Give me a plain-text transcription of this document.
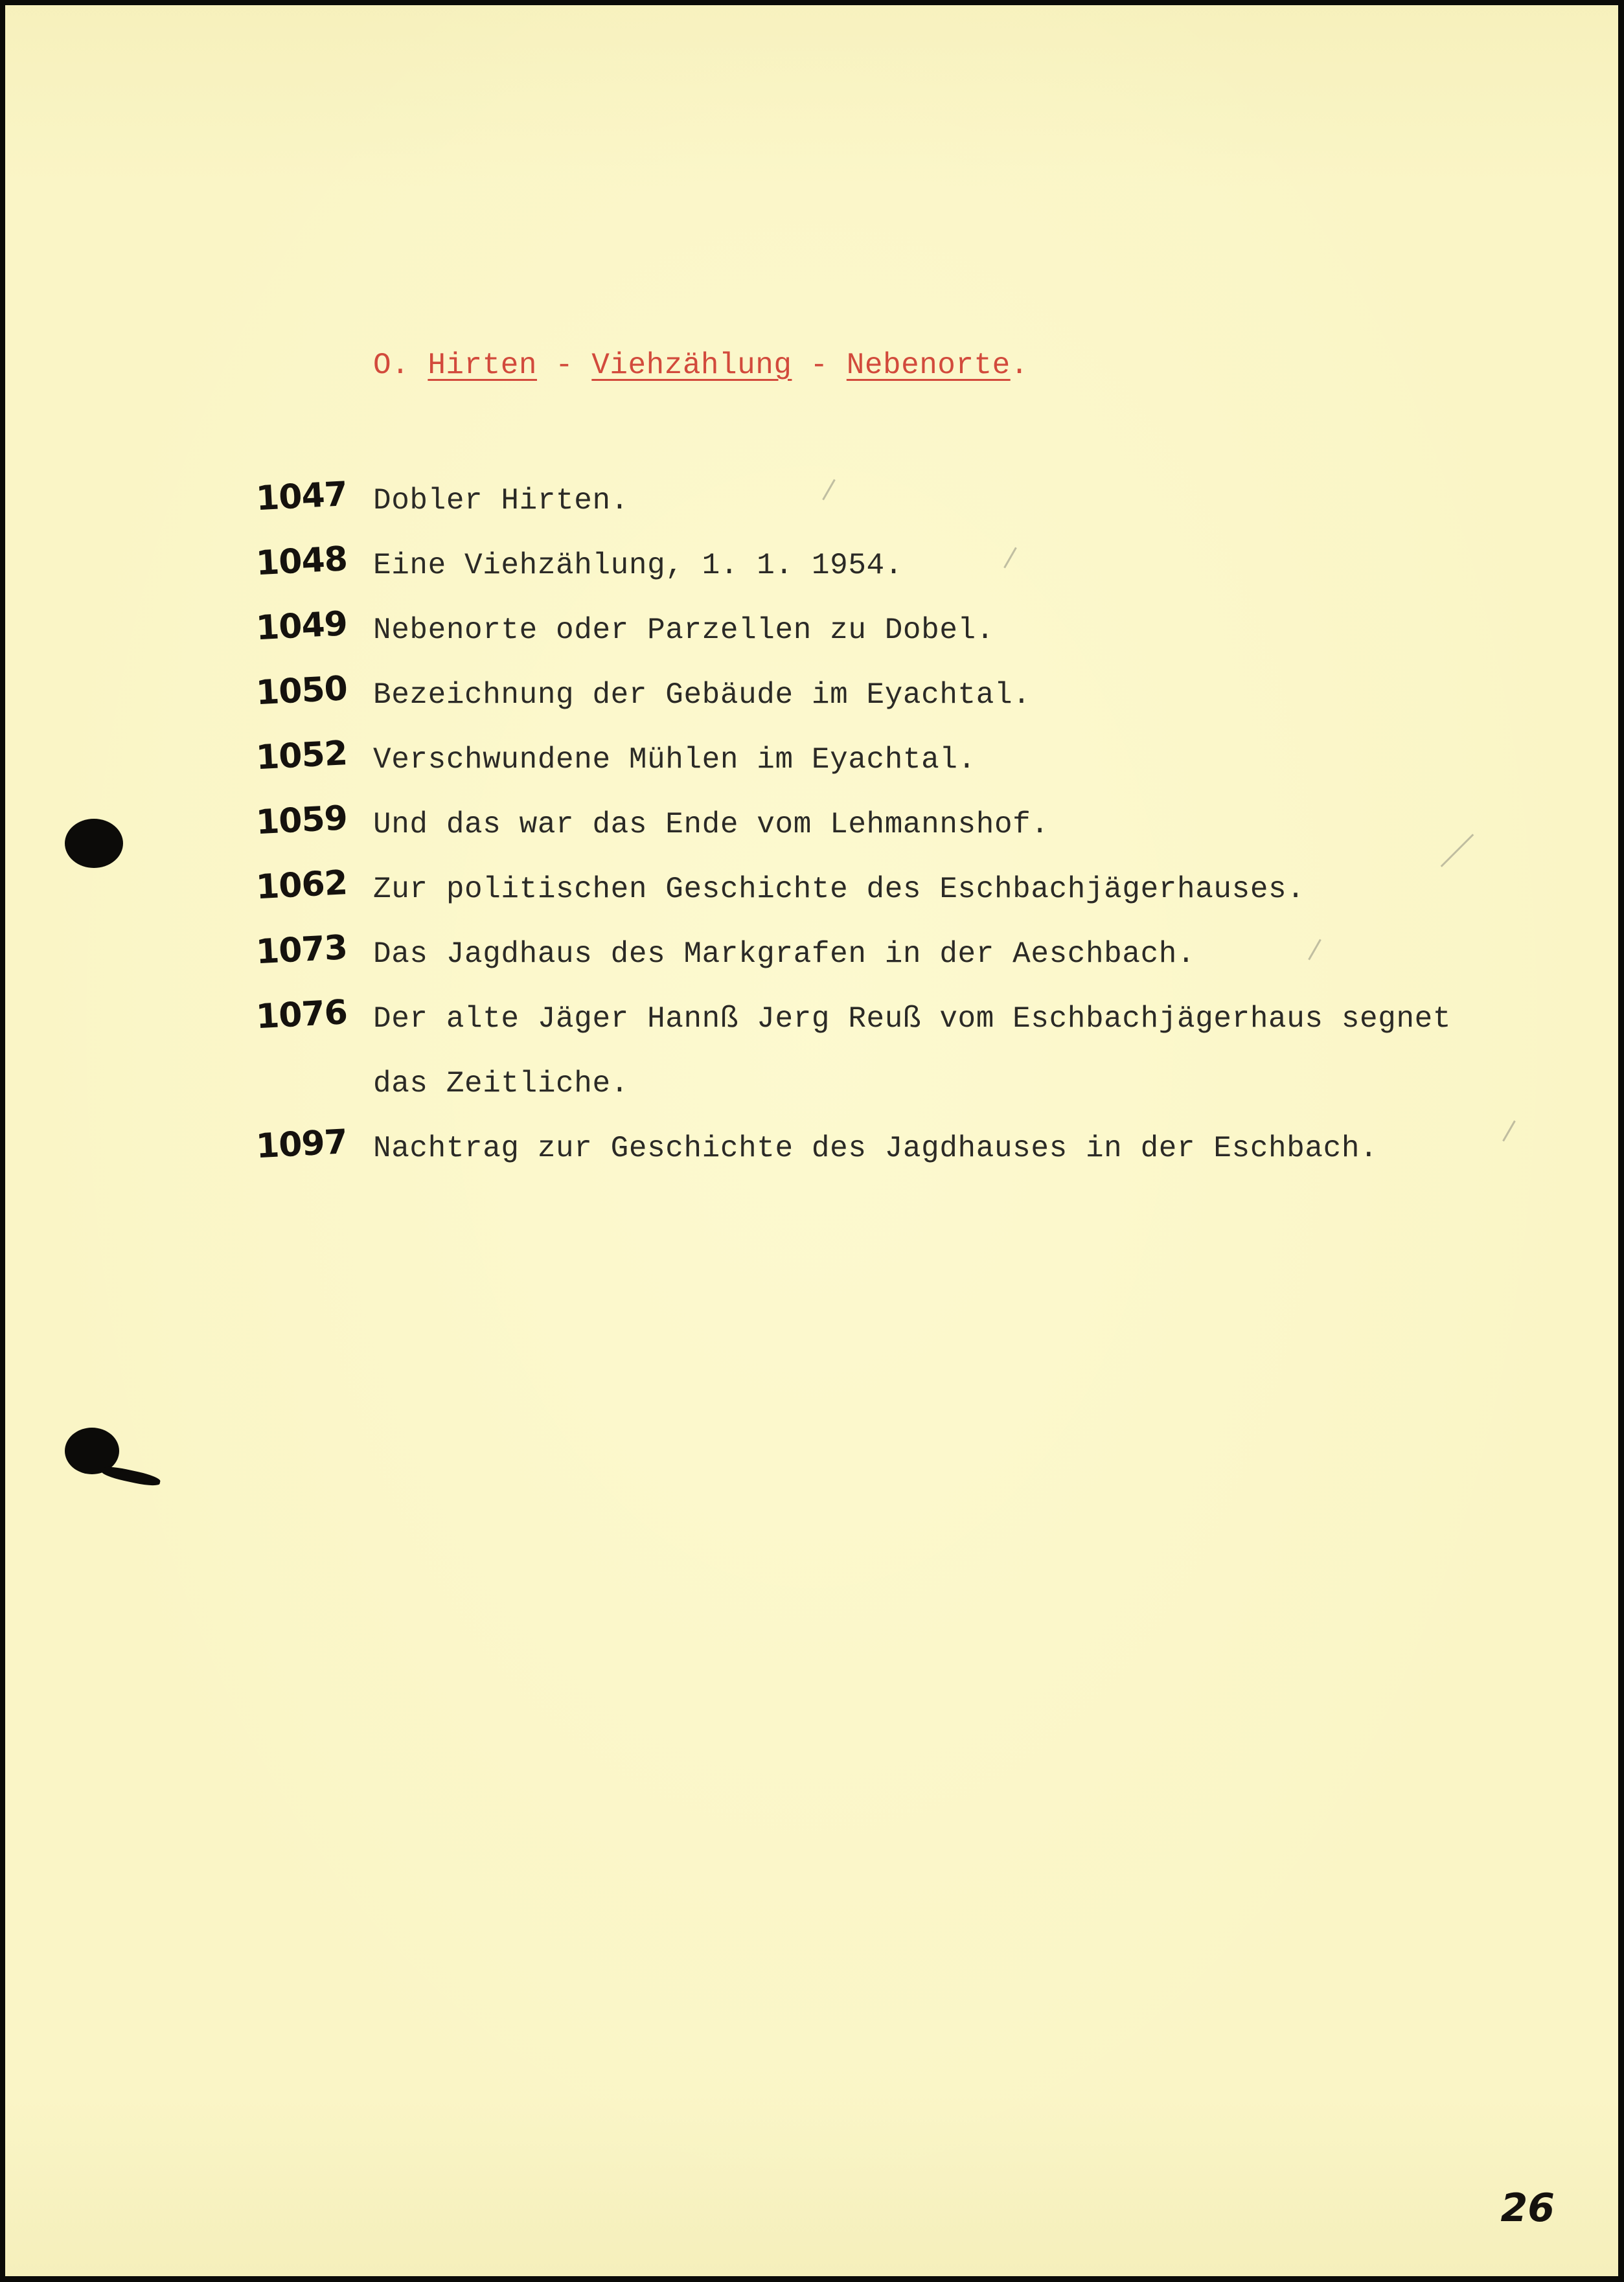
O. Hirten - Viehzählung - Nebenorte.
1047 Dobler Hirten.
1048 Eine Viehzählung, 1. 1. 1954.
1049 Nebenorte oder Parzellen zu Dobel.
1050 Bezeichnung der Gebäude im Eyachtal.
1052 Verschwundene Mühlen im Eyachtal.
1059 Und das war das Ende vom Lehmannshof.
1062 Zur politischen Geschichte des Eschbachjägerhauses.
1073 Das Jagdhaus des Markgrafen in der Aeschbach.
1076 Der alte Jäger Hannß Jerg Reuß vom Eschbachjägerhaus segnet
das Zeitliche.
1097 Nachtrag zur Geschichte des Jagdhauses in der Eschbach.
26
